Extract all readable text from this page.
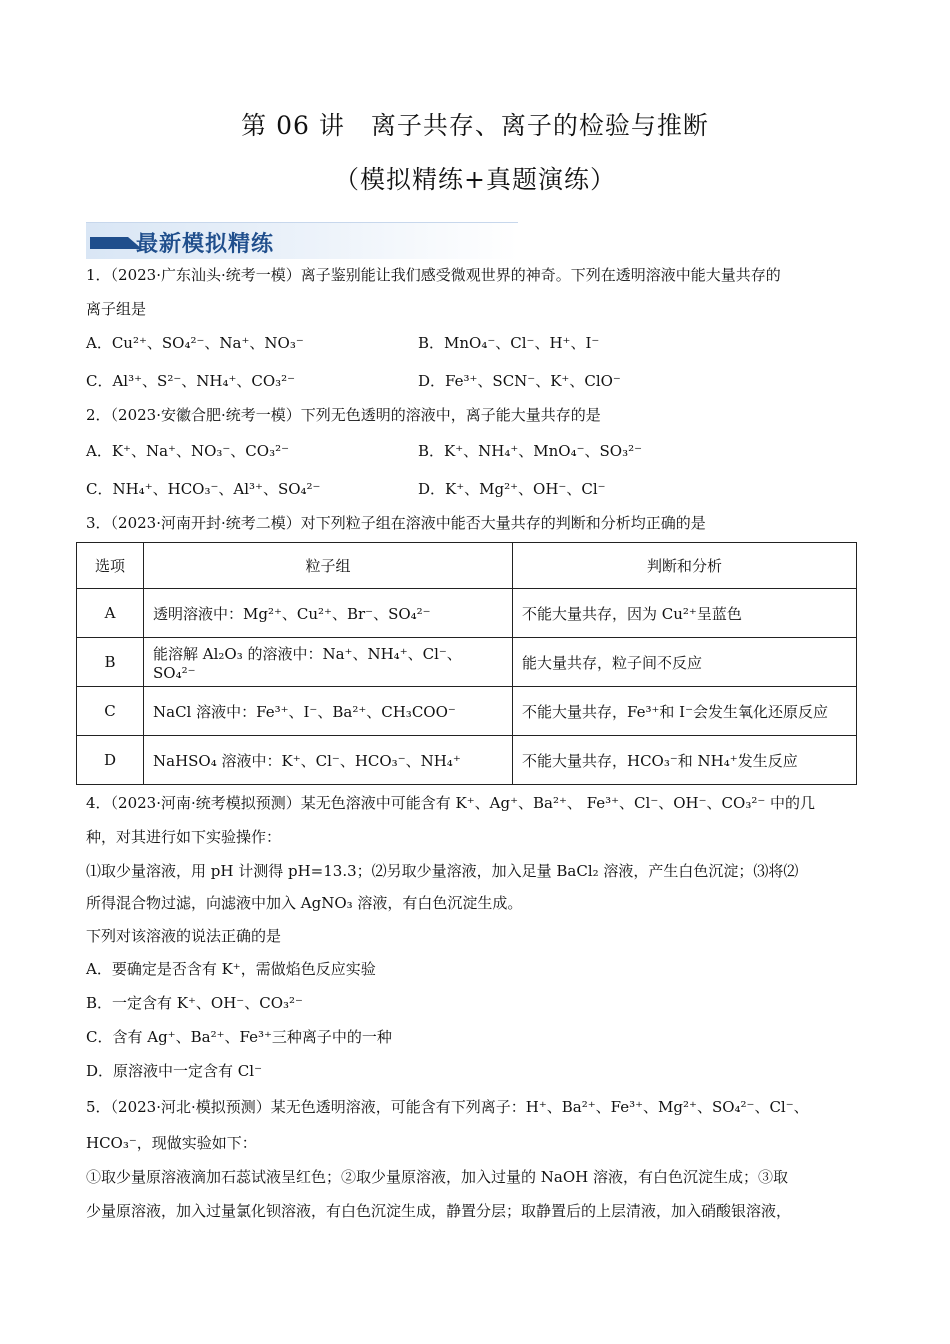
第 06 讲　离子共存、离子的检验与推断
（模拟精练+真题演练）
最新模拟精练
1．（2023·广东汕头·统考一模）离子鉴别能让我们感受微观世界的神奇。下列在透明溶液中能大量共存的
离子组是
A．Cu²⁺、SO₄²⁻、Na⁺、NO₃⁻	B．MnO₄⁻、Cl⁻、H⁺、I⁻
C．Al³⁺、S²⁻、NH₄⁺、CO₃²⁻	D．Fe³⁺、SCN⁻、K⁺、ClO⁻
2．（2023·安徽合肥·统考一模）下列无色透明的溶液中，离子能大量共存的是
A．K⁺、Na⁺、NO₃⁻、CO₃²⁻	B．K⁺、NH₄⁺、MnO₄⁻、SO₃²⁻
C．NH₄⁺、HCO₃⁻、Al³⁺、SO₄²⁻	D．K⁺、Mg²⁺、OH⁻、Cl⁻
3．（2023·河南开封·统考二模）对下列粒子组在溶液中能否大量共存的判断和分析均正确的是
选项	粒子组	判断和分析
A	透明溶液中：Mg²⁺、Cu²⁺、Br⁻、SO₄²⁻	不能大量共存，因为 Cu²⁺呈蓝色
B	能溶解 Al₂O₃ 的溶液中：Na⁺、NH₄⁺、Cl⁻、SO₄²⁻	能大量共存，粒子间不反应
C	NaCl 溶液中：Fe³⁺、I⁻、Ba²⁺、CH₃COO⁻	不能大量共存，Fe³⁺和 I⁻会发生氧化还原反应
D	NaHSO₄ 溶液中：K⁺、Cl⁻、HCO₃⁻、NH₄⁺	不能大量共存，HCO₃⁻和 NH₄⁺发生反应
4．（2023·河南·统考模拟预测）某无色溶液中可能含有 K⁺、Ag⁺、Ba²⁺、 Fe³⁺、Cl⁻、OH⁻、CO₃²⁻ 中的几
种，对其进行如下实验操作：
⑴取少量溶液，用 pH 计测得 pH=13.3；⑵另取少量溶液，加入足量 BaCl₂ 溶液，产生白色沉淀；⑶将⑵
所得混合物过滤，向滤液中加入 AgNO₃ 溶液，有白色沉淀生成。
下列对该溶液的说法正确的是
A．要确定是否含有 K⁺，需做焰色反应实验
B．一定含有 K⁺、OH⁻、CO₃²⁻
C．含有 Ag⁺、Ba²⁺、Fe³⁺三种离子中的一种
D．原溶液中一定含有 Cl⁻
5．（2023·河北·模拟预测）某无色透明溶液，可能含有下列离子：H⁺、Ba²⁺、Fe³⁺、Mg²⁺、SO₄²⁻、Cl⁻、
HCO₃⁻，现做实验如下：
①取少量原溶液滴加石蕊试液呈红色；②取少量原溶液，加入过量的 NaOH 溶液，有白色沉淀生成；③取
少量原溶液，加入过量氯化钡溶液，有白色沉淀生成，静置分层；取静置后的上层清液，加入硝酸银溶液，
